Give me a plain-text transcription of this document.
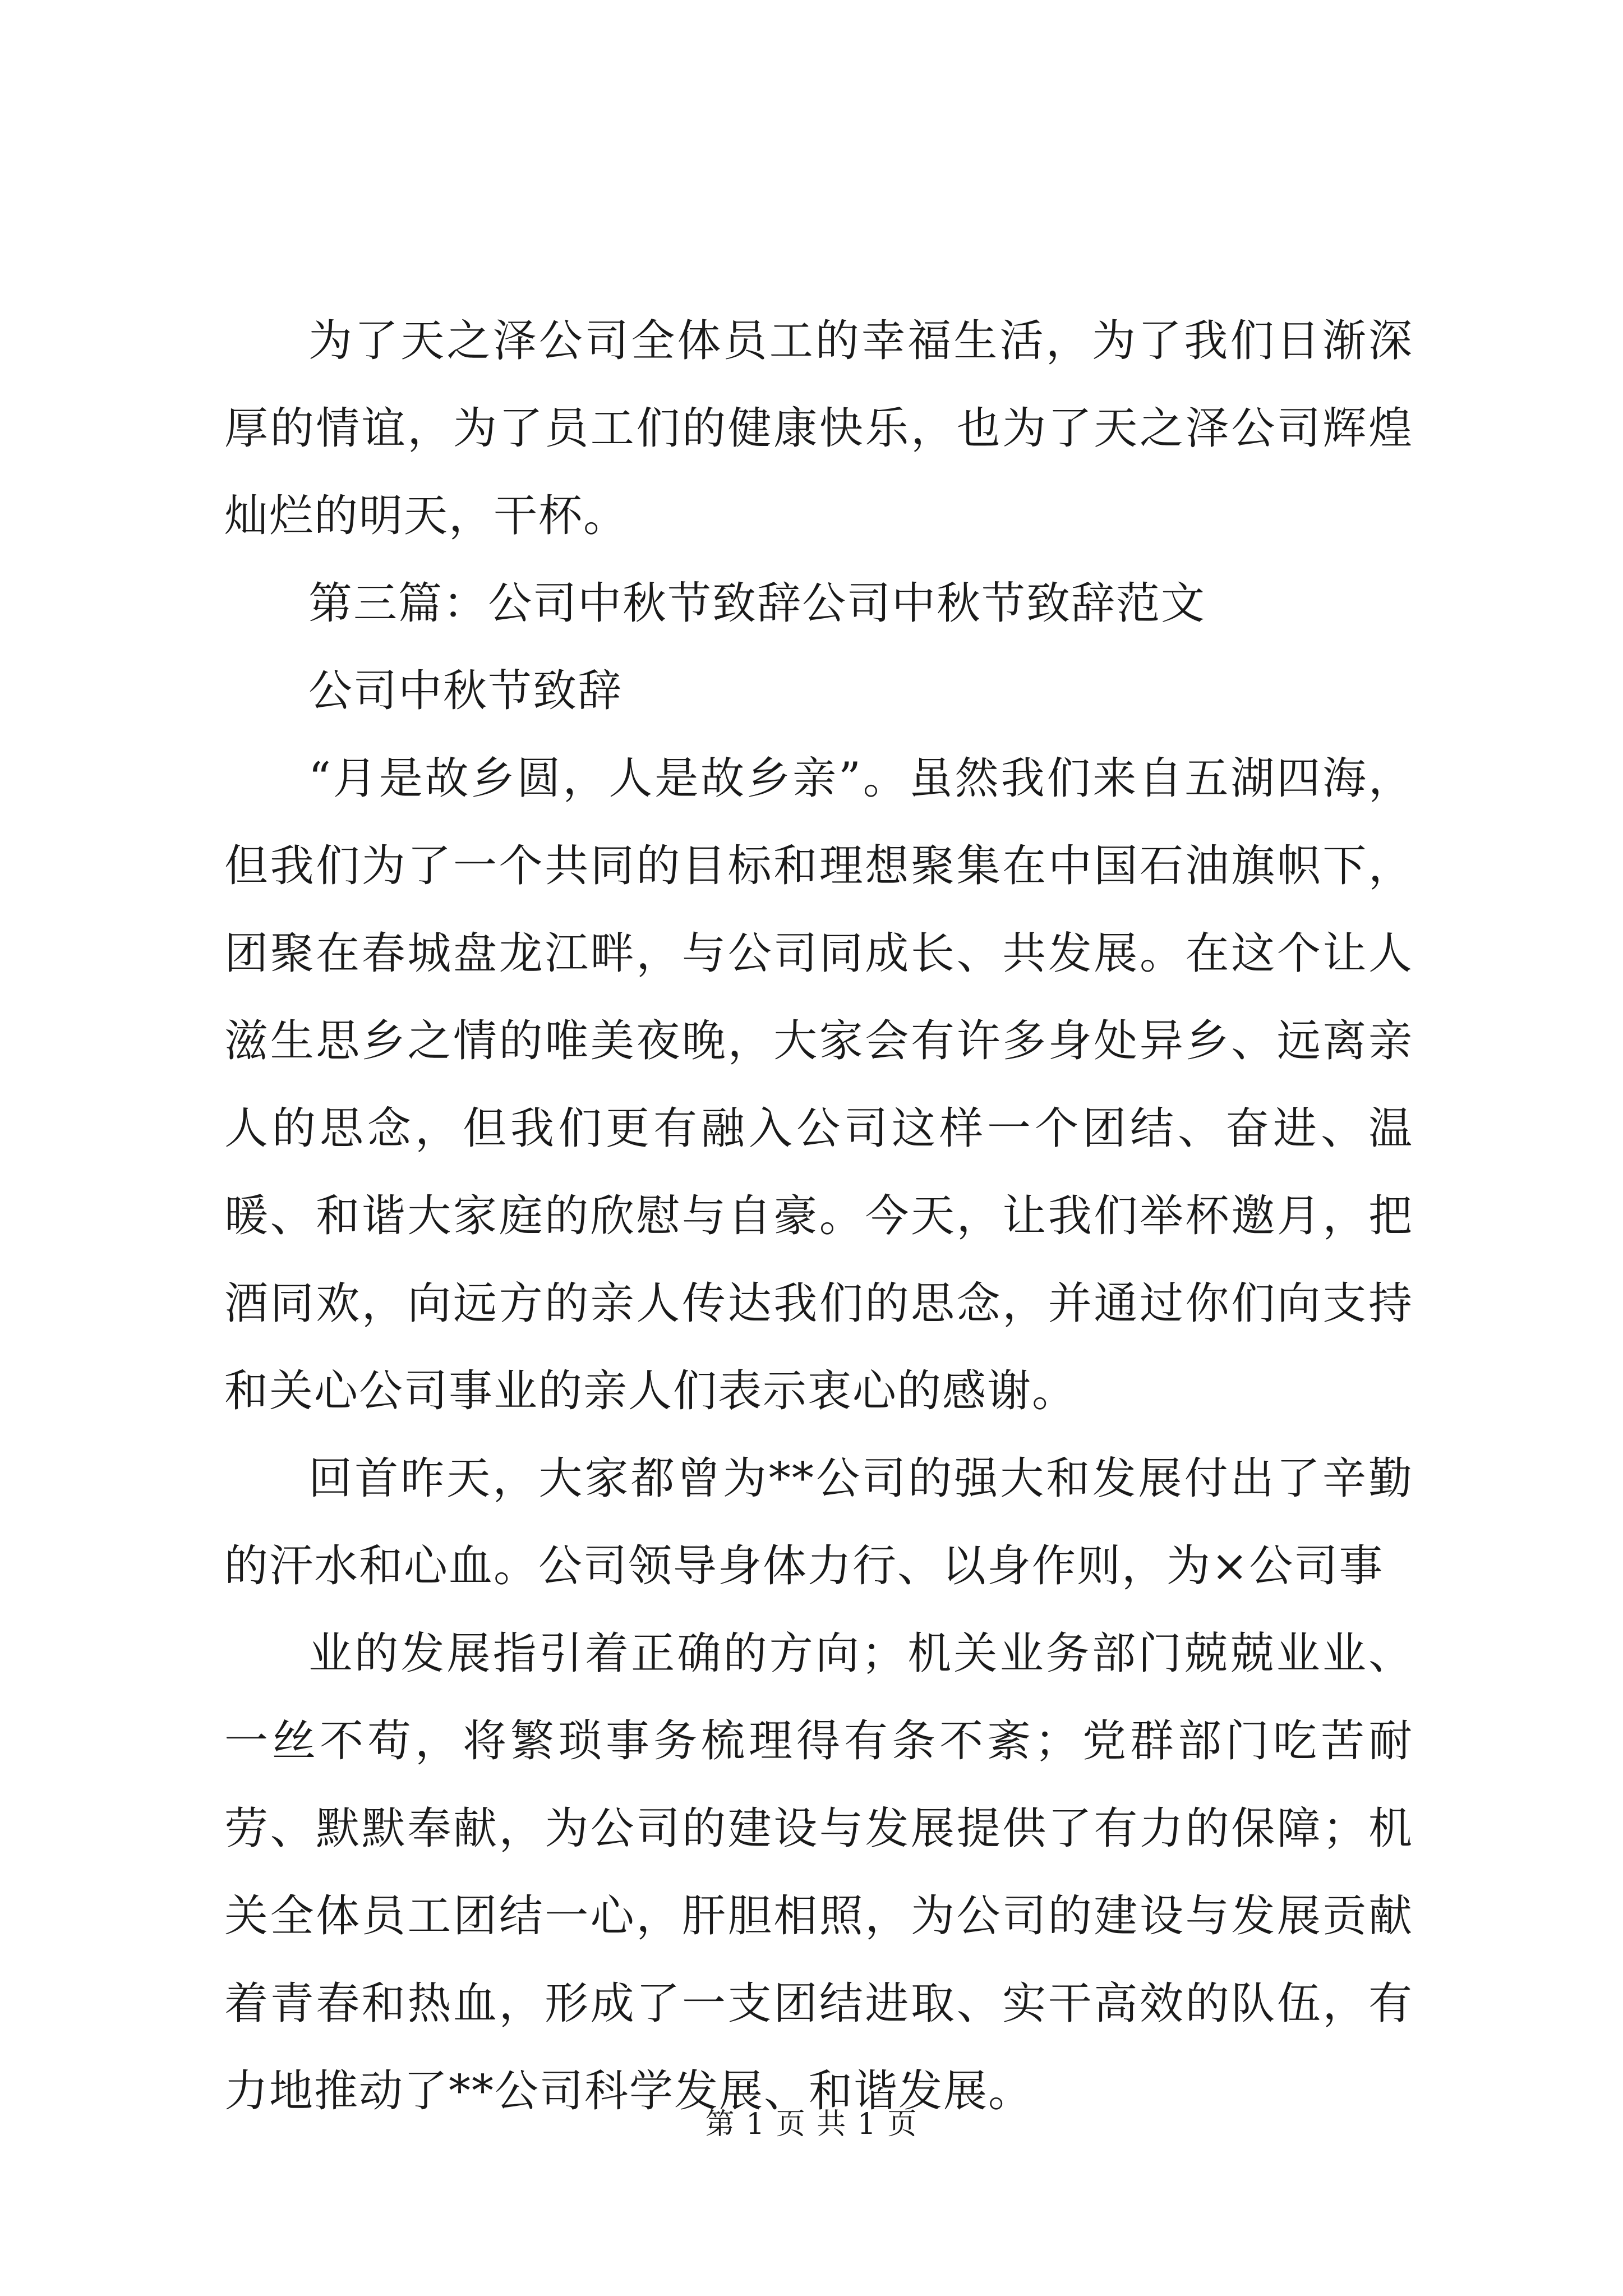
为了天之泽公司全体员工的幸福生活，为了我们日渐深厚的情谊，为了员工们的健康快乐，也为了天之泽公司辉煌灿烂的明天，干杯。

第三篇：公司中秋节致辞公司中秋节致辞范文

公司中秋节致辞

“月是故乡圆，人是故乡亲”。虽然我们来自五湖四海，但我们为了一个共同的目标和理想聚集在中国石油旗帜下，团聚在春城盘龙江畔，与公司同成长、共发展。在这个让人滋生思乡之情的唯美夜晚，大家会有许多身处异乡、远离亲人的思念，但我们更有融入公司这样一个团结、奋进、温暖、和谐大家庭的欣慰与自豪。今天，让我们举杯邀月，把酒同欢，向远方的亲人传达我们的思念，并通过你们向支持和关心公司事业的亲人们表示衷心的感谢。

回首昨天，大家都曾为**公司的强大和发展付出了辛勤的汗水和心血。公司领导身体力行、以身作则，为×公司事

业的发展指引着正确的方向；机关业务部门兢兢业业、一丝不苟，将繁琐事务梳理得有条不紊；党群部门吃苦耐劳、默默奉献，为公司的建设与发展提供了有力的保障；机关全体员工团结一心，肝胆相照，为公司的建设与发展贡献着青春和热血，形成了一支团结进取、实干高效的队伍，有力地推动了**公司科学发展、和谐发展。

第 1 页 共 1 页
